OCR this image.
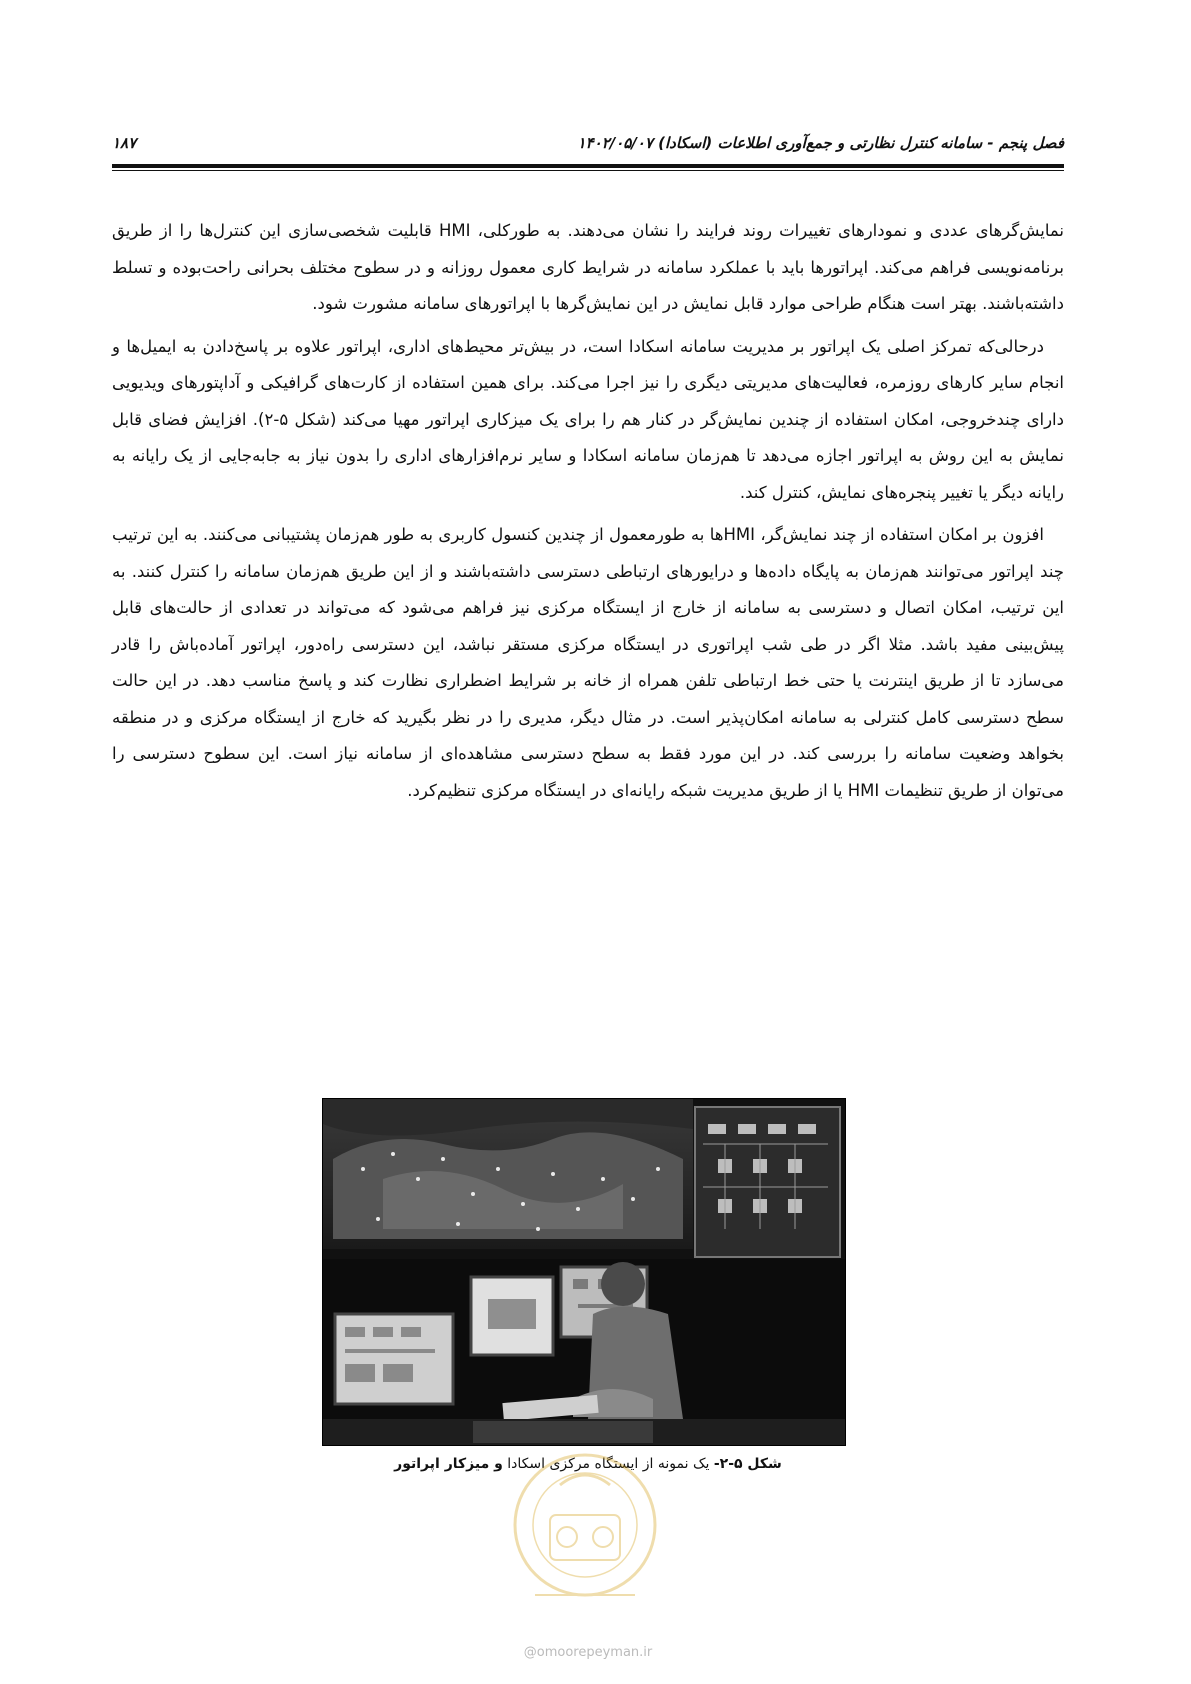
فصل پنجم - سامانه کنترل نظارتی و جمع‌آوری اطلاعات (اسکادا) ۱۴۰۲/۰۵/۰۷
۱۸۷

نمایش‌گرهای عددی و نمودارهای تغییرات روند فرایند را نشان می‌دهند. به طورکلی، HMI قابلیت شخصی‌سازی این کنترل‌ها را از طریق برنامه‌نویسی فراهم می‌کند. اپراتورها باید با عملکرد سامانه در شرایط کاری معمول روزانه و در سطوح مختلف بحرانی راحت‌بوده و تسلط داشته‌باشند. بهتر است هنگام طراحی موارد قابل نمایش در این نمایش‌گرها با اپراتورهای سامانه مشورت شود.

درحالی‌که تمرکز اصلی یک اپراتور بر مدیریت سامانه اسکادا است، در بیش‌تر محیط‌های اداری، اپراتور علاوه بر پاسخ‌دادن به ایمیل‌ها و انجام سایر کارهای روزمره، فعالیت‌های مدیریتی دیگری را نیز اجرا می‌کند. برای همین استفاده از کارت‌های گرافیکی و آداپتورهای ویدیویی دارای چندخروجی، امکان استفاده از چندین نمایش‌گر در کنار هم را برای یک میزکاری اپراتور مهیا می‌کند (شکل ۵-۲). افزایش فضای قابل نمایش به این روش به اپراتور اجازه می‌دهد تا هم‌زمان سامانه اسکادا و سایر نرم‌افزارهای اداری را بدون نیاز به جابه‌جایی از یک رایانه به رایانه دیگر یا تغییر پنجره‌های نمایش، کنترل کند.

افزون بر امکان استفاده از چند نمایش‌گر، HMIها به طورمعمول از چندین کنسول کاربری به طور هم‌زمان پشتیبانی می‌کنند. به این ترتیب چند اپراتور می‌توانند هم‌زمان به پایگاه داده‌ها و درایورهای ارتباطی دسترسی داشته‌باشند و از این طریق هم‌زمان سامانه را کنترل کنند. به این ترتیب، امکان اتصال و دسترسی به سامانه از خارج از ایستگاه مرکزی نیز فراهم می‌شود که می‌تواند در تعدادی از حالت‌های قابل پیش‌بینی مفید باشد. مثلا اگر در طی شب اپراتوری در ایستگاه مرکزی مستقر نباشد، این دسترسی راه‌دور، اپراتور آماده‌باش را قادر می‌سازد تا از طریق اینترنت یا حتی خط ارتباطی تلفن همراه از خانه بر شرایط اضطراری نظارت کند و پاسخ مناسب دهد. در این حالت سطح دسترسی کامل کنترلی به سامانه امکان‌پذیر است. در مثال دیگر، مدیری را در نظر بگیرید که خارج از ایستگاه مرکزی و در منطقه بخواهد وضعیت سامانه را بررسی کند. در این مورد فقط به سطح دسترسی مشاهده‌ای از سامانه نیاز است. این سطوح دسترسی را می‌توان از طریق تنظیمات HMI یا از طریق مدیریت شبکه رایانه‌ای در ایستگاه مرکزی تنظیم‌کرد.

شکل ۵-۲- یک نمونه از ایستگاه مرکزی اسکادا و میزکار اپراتور
@omoorepeyman.ir
